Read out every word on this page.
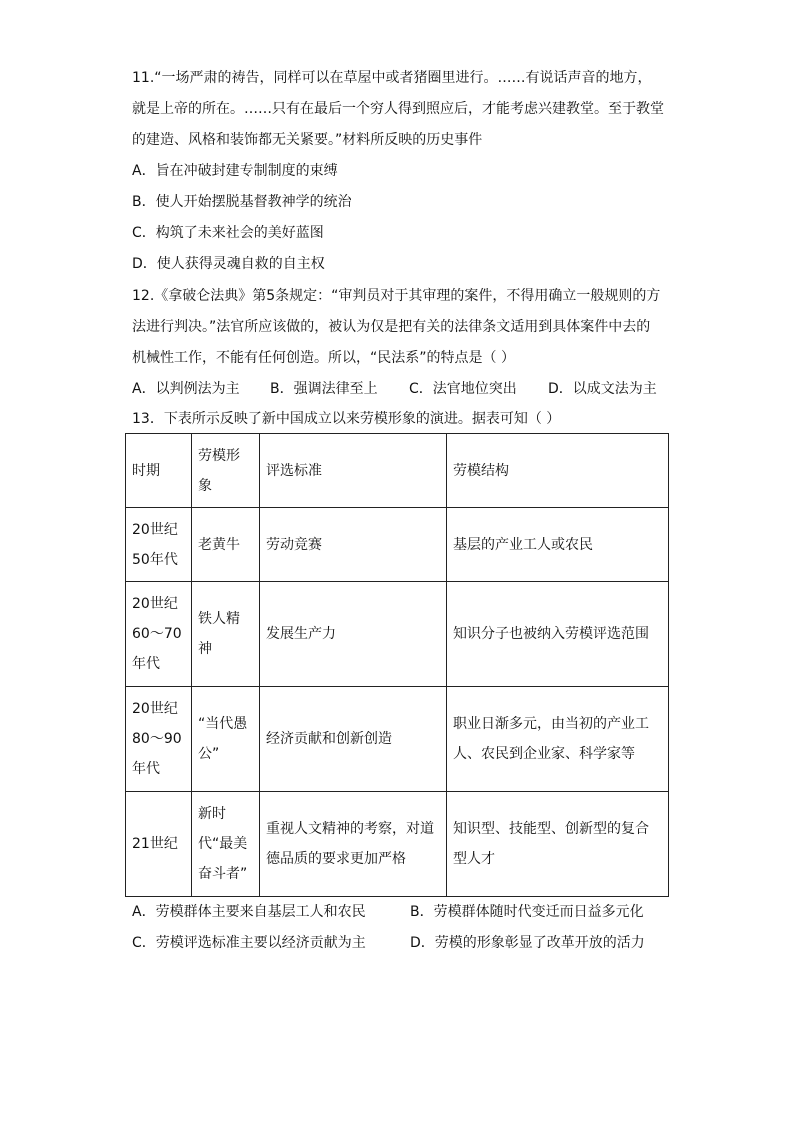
11.“一场严肃的祷告，同样可以在草屋中或者猪圈里进行。……有说话声音的地方，
就是上帝的所在。……只有在最后一个穷人得到照应后，才能考虑兴建教堂。至于教堂
的建造、风格和装饰都无关紧要。”材料所反映的历史事件
A．旨在冲破封建专制制度的束缚
B．使人开始摆脱基督教神学的统治
C．构筑了未来社会的美好蓝图
D．使人获得灵魂自救的自主权
12.《拿破仑法典》第5条规定：“审判员对于其审理的案件，不得用确立一般规则的方
法进行判决。”法官所应该做的，被认为仅是把有关的法律条文适用到具体案件中去的
机械性工作，不能有任何创造。所以，“民法系”的特点是（ ）
A．以判例法为主 B．强调法律至上 C．法官地位突出 D．以成文法为主
13．下表所示反映了新中国成立以来劳模形象的演进。据表可知（ ）
时期	劳模形象	评选标准	劳模结构
20世纪50年代	老黄牛	劳动竞赛	基层的产业工人或农民
20世纪60～70年代	铁人精神	发展生产力	知识分子也被纳入劳模评选范围
20世纪80～90年代	“当代愚公”	经济贡献和创新创造	职业日渐多元，由当初的产业工人、农民到企业家、科学家等
21世纪	新时代“最美奋斗者”	重视人文精神的考察，对道德品质的要求更加严格	知识型、技能型、创新型的复合型人才
A．劳模群体主要来自基层工人和农民	B．劳模群体随时代变迁而日益多元化
C．劳模评选标准主要以经济贡献为主	D．劳模的形象彰显了改革开放的活力
